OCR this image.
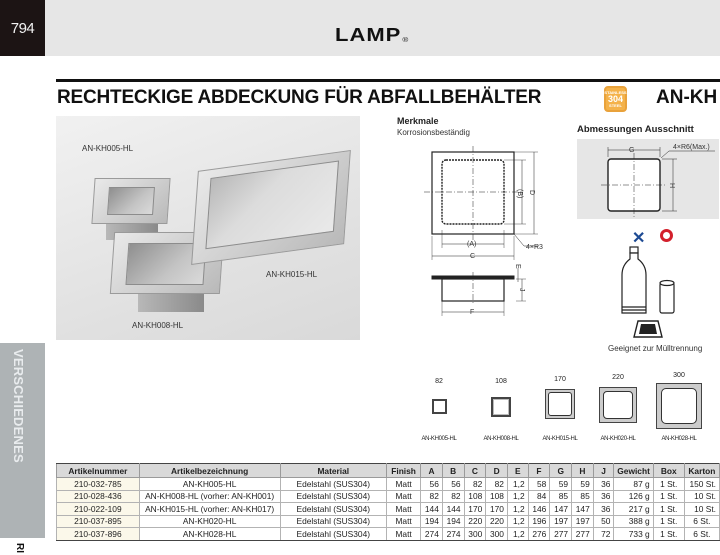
794	LAMP®
RECHTECKIGE ABDECKUNG FÜR ABFALLBEHÄLTER	STAINLESS
304
STEEL AN-KH
AN-KH005-HL
AN-KH015-HL
AN-KH008-HL
Merkmale
Korrosionsbeständig
(A)
C
(B) D
4×R3
E
J
F
Abmessungen Ausschnitt
G
H
4×R6(Max.)
✕
Geeignet zur Mülltrennung
82	108	170	220	300
AN-KH005-HL	AN-KH008-HL	AN-KH015-HL	AN-KH020-HL	AN-KH028-HL
VERSCHIEDENES
RI
Artikelnummer	Artikelbezeichnung	Material	Finish	A	B	C	D	E	F	G	H	J	Gewicht	Box	Karton
210-032-785	AN-KH005-HL	Edelstahl (SUS304)	Matt	56	56	82	82	1,2	58	59	59	36	87 g	1 St.	150 St.
210-028-436	AN-KH008-HL (vorher: AN-KH001)	Edelstahl (SUS304)	Matt	82	82	108	108	1,2	84	85	85	36	126 g	1 St.	10 St.
210-022-109	AN-KH015-HL (vorher: AN-KH017)	Edelstahl (SUS304)	Matt	144	144	170	170	1,2	146	147	147	36	217 g	1 St.	10 St.
210-037-895	AN-KH020-HL	Edelstahl (SUS304)	Matt	194	194	220	220	1,2	196	197	197	50	388 g	1 St.	6 St.
210-037-896	AN-KH028-HL	Edelstahl (SUS304)	Matt	274	274	300	300	1,2	276	277	277	72	733 g	1 St.	6 St.
